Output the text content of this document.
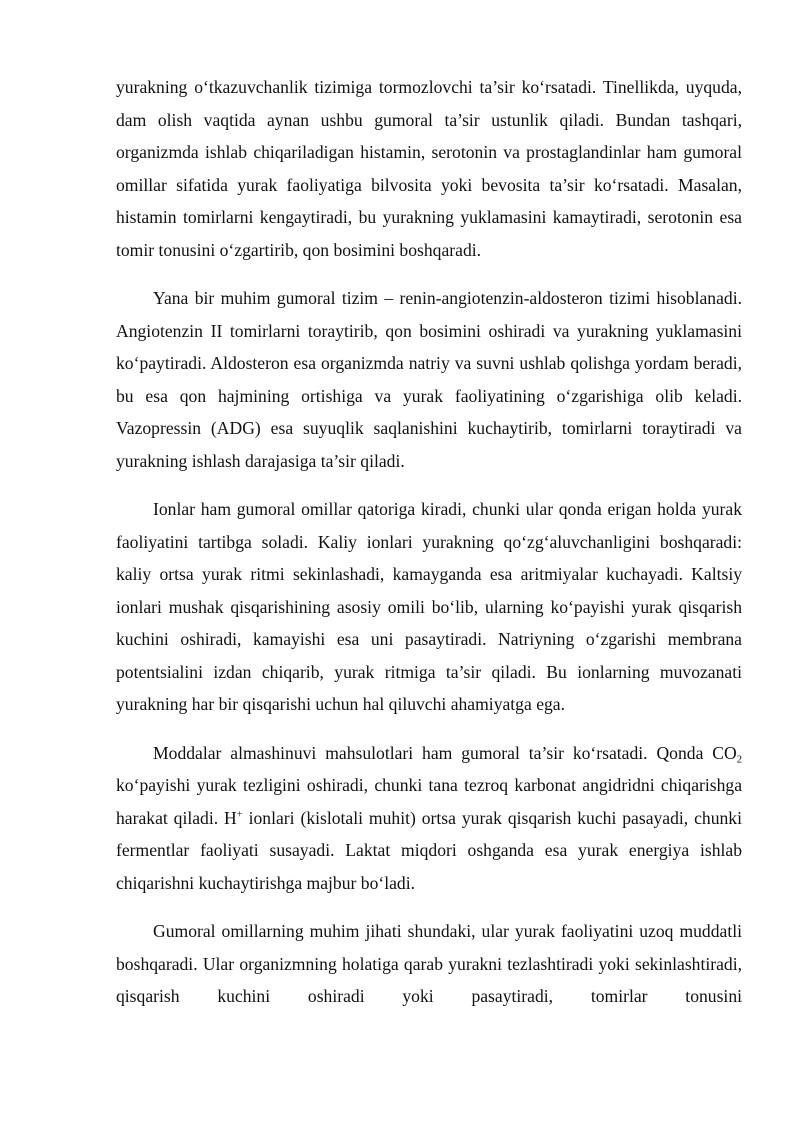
yurakning o‘tkazuvchanlik tizimiga tormozlovchi ta’sir ko‘rsatadi. Tinellikda, uyquda, dam olish vaqtida aynan ushbu gumoral ta’sir ustunlik qiladi. Bundan tashqari, organizmda ishlab chiqariladigan histamin, serotonin va prostaglandinlar ham gumoral omillar sifatida yurak faoliyatiga bilvosita yoki bevosita ta’sir ko‘rsatadi. Masalan, histamin tomirlarni kengaytiradi, bu yurakning yuklamasini kamaytiradi, serotonin esa tomir tonusini o‘zgartirib, qon bosimini boshqaradi.

Yana bir muhim gumoral tizim – renin-angiotenzin-aldosteron tizimi hisoblanadi. Angiotenzin II tomirlarni toraytirib, qon bosimini oshiradi va yurakning yuklamasini ko‘paytiradi. Aldosteron esa organizmda natriy va suvni ushlab qolishga yordam beradi, bu esa qon hajmining ortishiga va yurak faoliyatining o‘zgarishiga olib keladi. Vazopressin (ADG) esa suyuqlik saqlanishini kuchaytirib, tomirlarni toraytiradi va yurakning ishlash darajasiga ta’sir qiladi.

Ionlar ham gumoral omillar qatoriga kiradi, chunki ular qonda erigan holda yurak faoliyatini tartibga soladi. Kaliy ionlari yurakning qo‘zg‘aluvchanligini boshqaradi: kaliy ortsa yurak ritmi sekinlashadi, kamayganda esa aritmiyalar kuchayadi. Kaltsiy ionlari mushak qisqarishining asosiy omili bo‘lib, ularning ko‘payishi yurak qisqarish kuchini oshiradi, kamayishi esa uni pasaytiradi. Natriyning o‘zgarishi membrana potentsialini izdan chiqarib, yurak ritmiga ta’sir qiladi. Bu ionlarning muvozanati yurakning har bir qisqarishi uchun hal qiluvchi ahamiyatga ega.

Moddalar almashinuvi mahsulotlari ham gumoral ta’sir ko‘rsatadi. Qonda $CO_2$ ko‘payishi yurak tezligini oshiradi, chunki tana tezroq karbonat angidridni chiqarishga harakat qiladi. H+ ionlari (kislotali muhit) ortsa yurak qisqarish kuchi pasayadi, chunki fermentlar faoliyati susayadi. Laktat miqdori oshganda esa yurak energiya ishlab chiqarishni kuchaytirishga majbur bo‘ladi.

Gumoral omillarning muhim jihati shundaki, ular yurak faoliyatini uzoq muddatli boshqaradi. Ular organizmning holatiga qarab yurakni tezlashtiradi yoki sekinlashtiradi, qisqarish kuchini oshiradi yoki pasaytiradi, tomirlar tonusini
